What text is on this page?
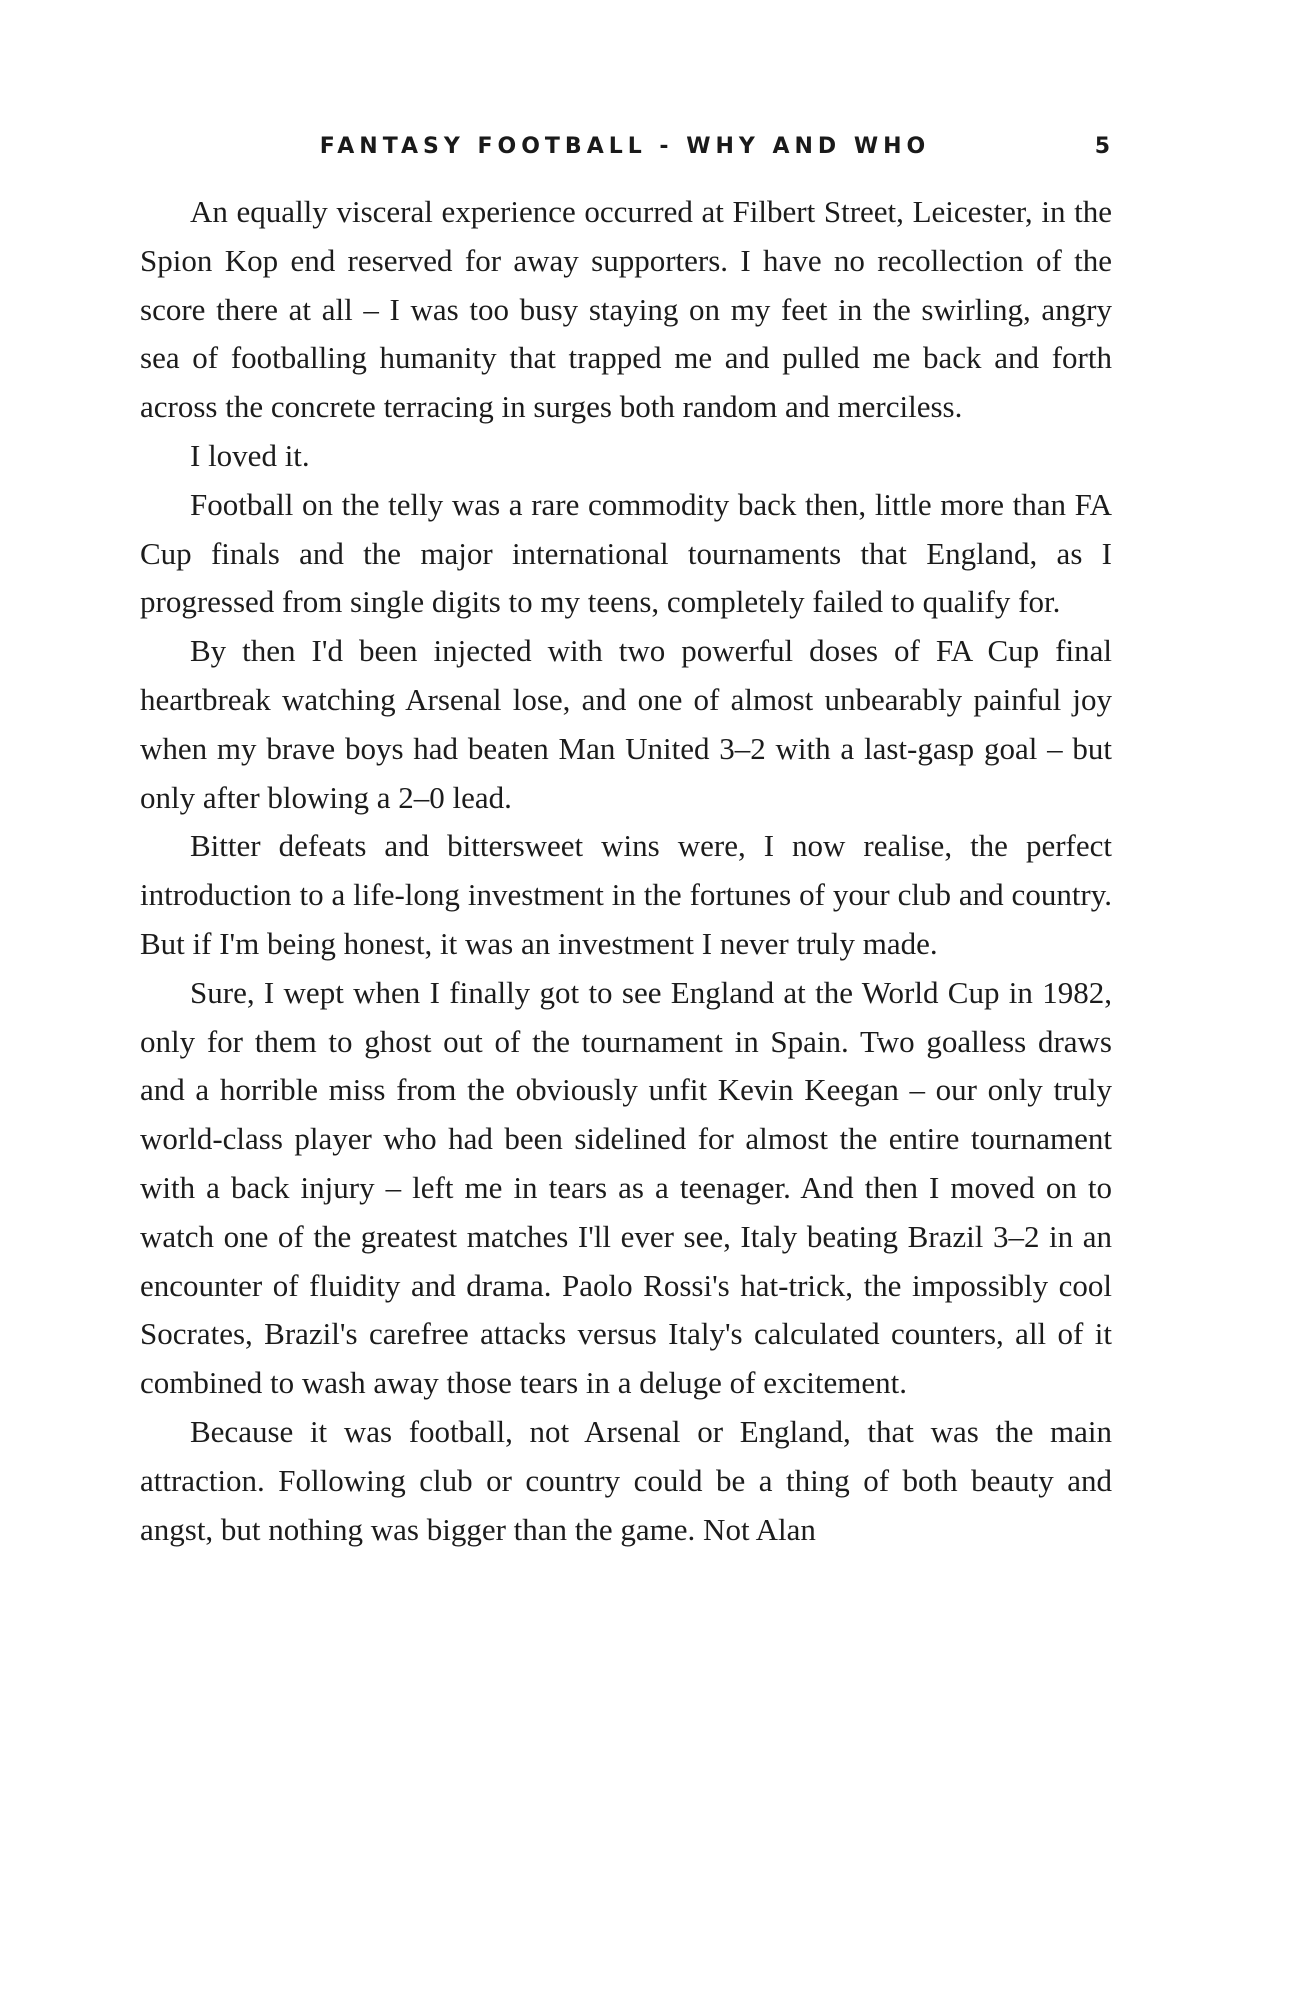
FANTASY FOOTBALL - WHY AND WHO	5

An equally visceral experience occurred at Filbert Street, Leicester, in the Spion Kop end reserved for away supporters. I have no recollection of the score there at all – I was too busy staying on my feet in the swirling, angry sea of footballing humanity that trapped me and pulled me back and forth across the concrete terracing in surges both random and merciless.

I loved it.

Football on the telly was a rare commodity back then, little more than FA Cup finals and the major international tournaments that England, as I progressed from single digits to my teens, completely failed to qualify for.

By then I'd been injected with two powerful doses of FA Cup final heartbreak watching Arsenal lose, and one of almost unbearably painful joy when my brave boys had beaten Man United 3–2 with a last-gasp goal – but only after blowing a 2–0 lead.

Bitter defeats and bittersweet wins were, I now realise, the perfect introduction to a life-long investment in the fortunes of your club and country. But if I'm being honest, it was an investment I never truly made.

Sure, I wept when I finally got to see England at the World Cup in 1982, only for them to ghost out of the tournament in Spain. Two goalless draws and a horrible miss from the obviously unfit Kevin Keegan – our only truly world-class player who had been sidelined for almost the entire tournament with a back injury – left me in tears as a teenager. And then I moved on to watch one of the greatest matches I'll ever see, Italy beating Brazil 3–2 in an encounter of fluidity and drama. Paolo Rossi's hat-trick, the impossibly cool Socrates, Brazil's carefree attacks versus Italy's calculated counters, all of it combined to wash away those tears in a deluge of excitement.

Because it was football, not Arsenal or England, that was the main attraction. Following club or country could be a thing of both beauty and angst, but nothing was bigger than the game. Not Alan
